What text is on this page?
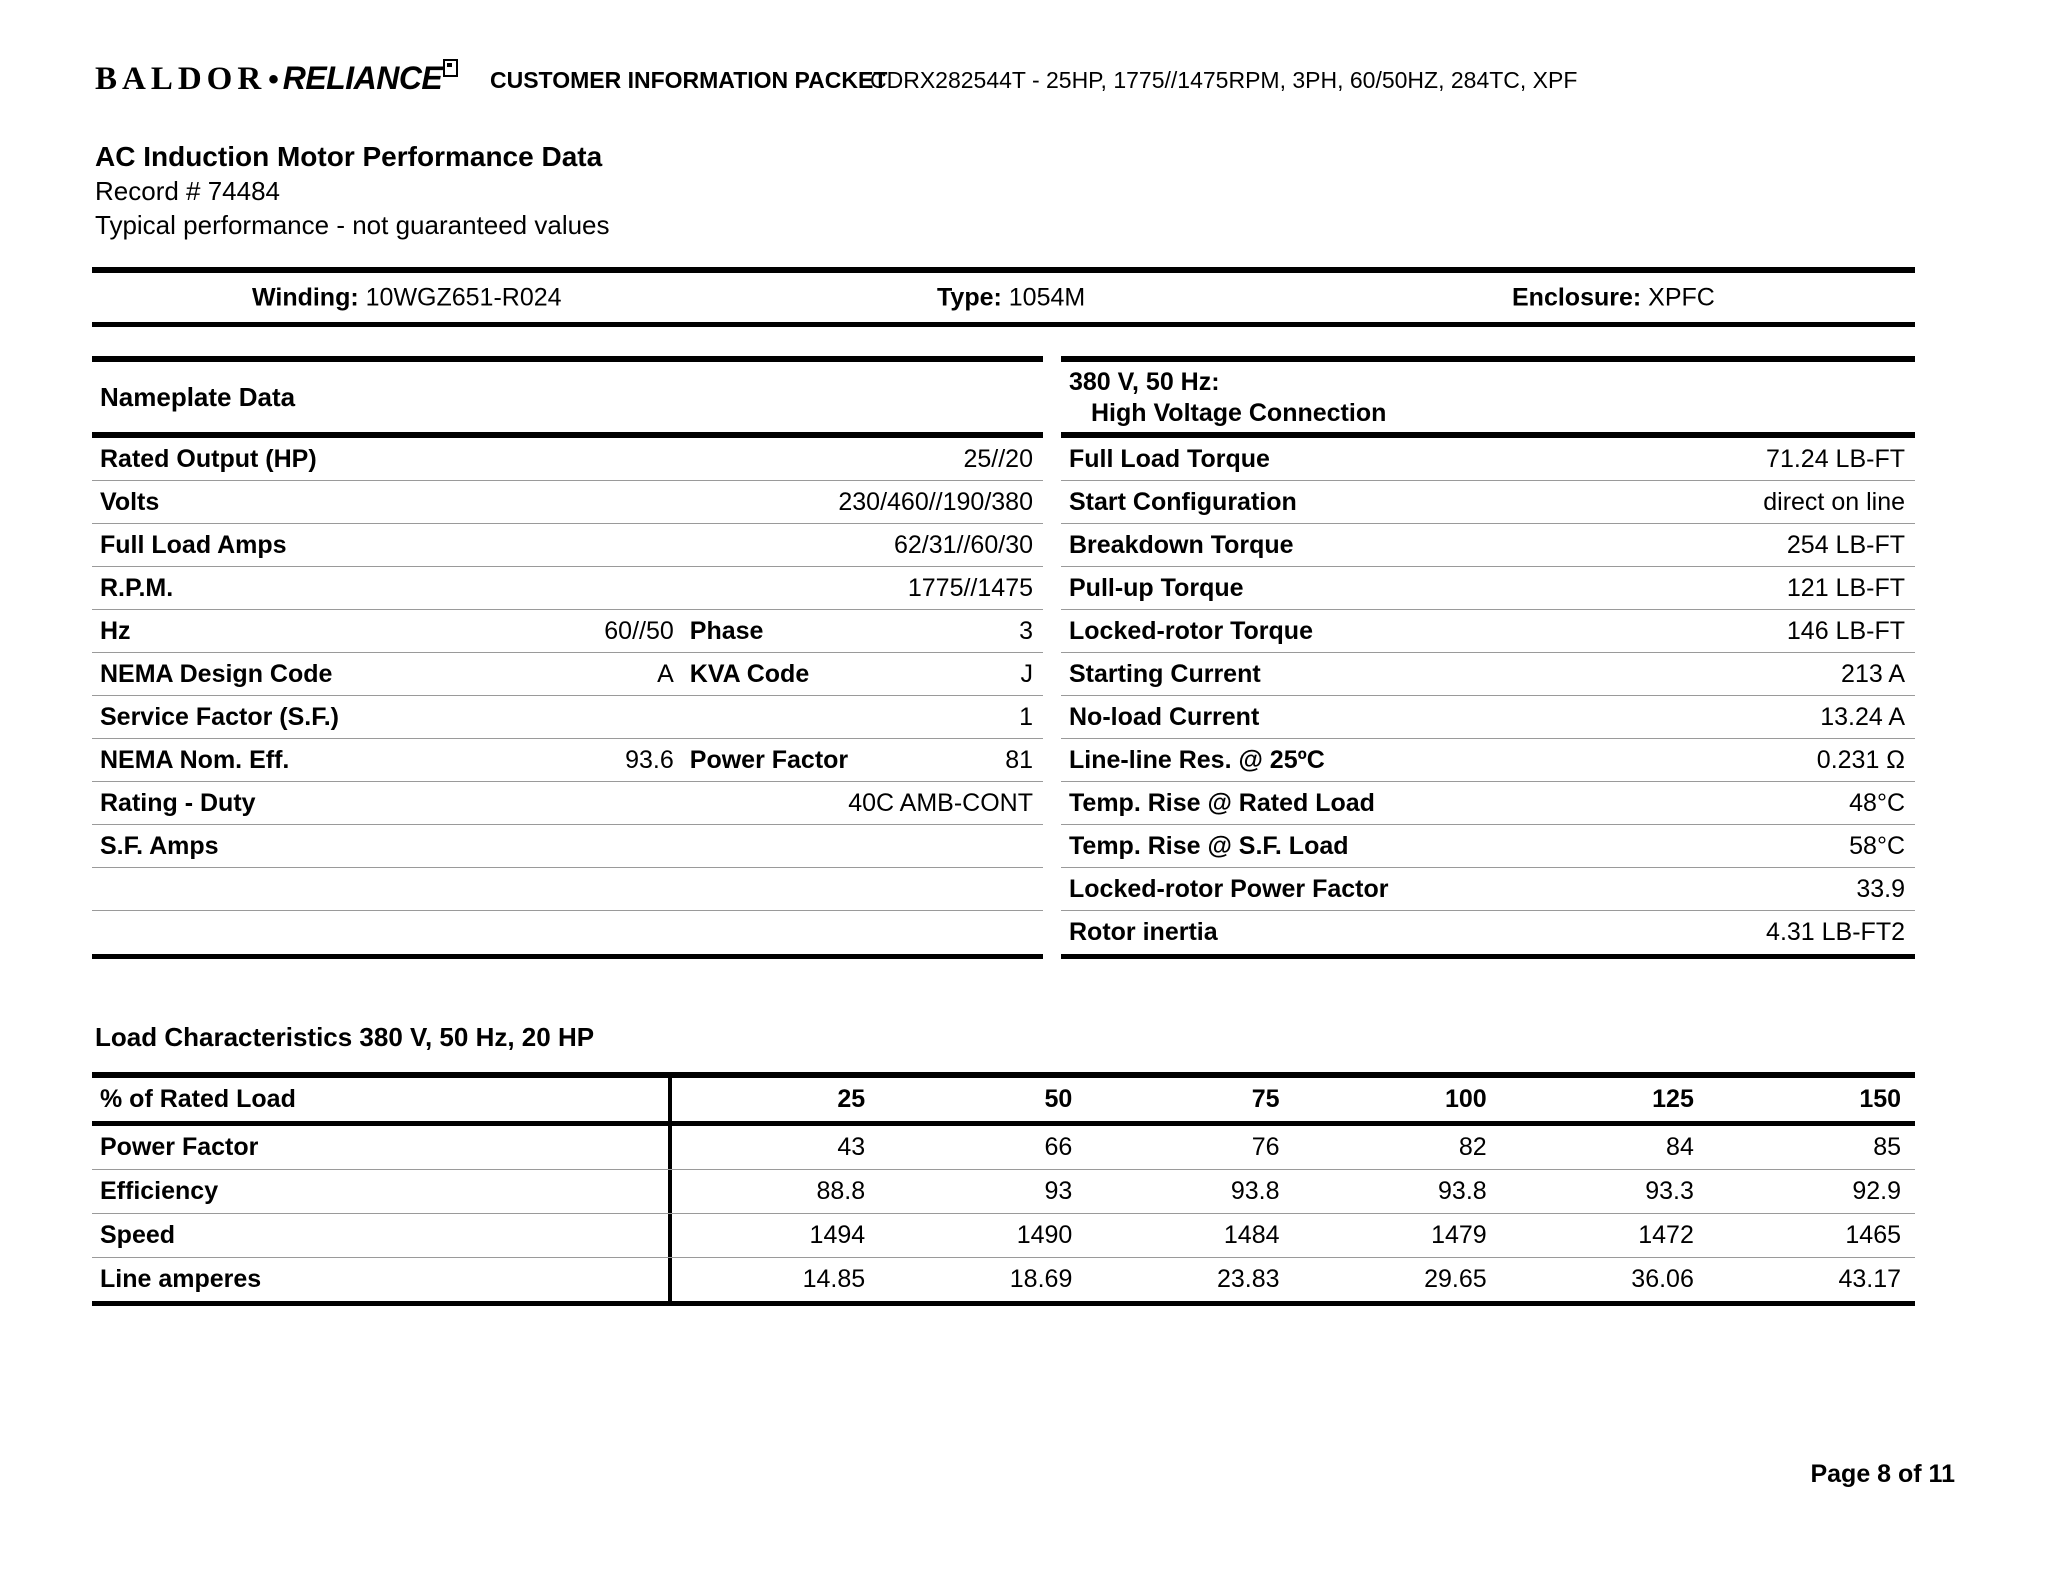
BALDOR • RELIANCE CUSTOMER INFORMATION PACKET
CDRX282544T - 25HP, 1775//1475RPM, 3PH, 60/50HZ, 284TC, XPF
AC Induction Motor Performance Data
Record # 74484
Typical performance - not guaranteed values
Winding: 10WGZ651-R024	Type: 1054M	Enclosure: XPFC
Nameplate Data
Rated Output (HP)	25//20
Volts	230/460//190/380
Full Load Amps	62/31//60/30
R.P.M.	1775//1475
Hz	60//50 Phase	3
NEMA Design Code	A KVA Code	J
Service Factor (S.F.)	1
NEMA Nom. Eff.	93.6 Power Factor	81
Rating - Duty	40C AMB-CONT
S.F. Amps
380 V, 50 Hz:
High Voltage Connection
Full Load Torque	71.24 LB-FT
Start Configuration	direct on line
Breakdown Torque	254 LB-FT
Pull-up Torque	121 LB-FT
Locked-rotor Torque	146 LB-FT
Starting Current	213 A
No-load Current	13.24 A
Line-line Res. @ 25ºC	0.231 Ω
Temp. Rise @ Rated Load	48°C
Temp. Rise @ S.F. Load	58°C
Locked-rotor Power Factor	33.9
Rotor inertia	4.31 LB-FT2
Load Characteristics 380 V, 50 Hz, 20 HP
% of Rated Load	25	50	75	100	125	150
Power Factor	43	66	76	82	84	85
Efficiency	88.8	93	93.8	93.8	93.3	92.9
Speed	1494	1490	1484	1479	1472	1465
Line amperes	14.85	18.69	23.83	29.65	36.06	43.17
Page 8 of 11
